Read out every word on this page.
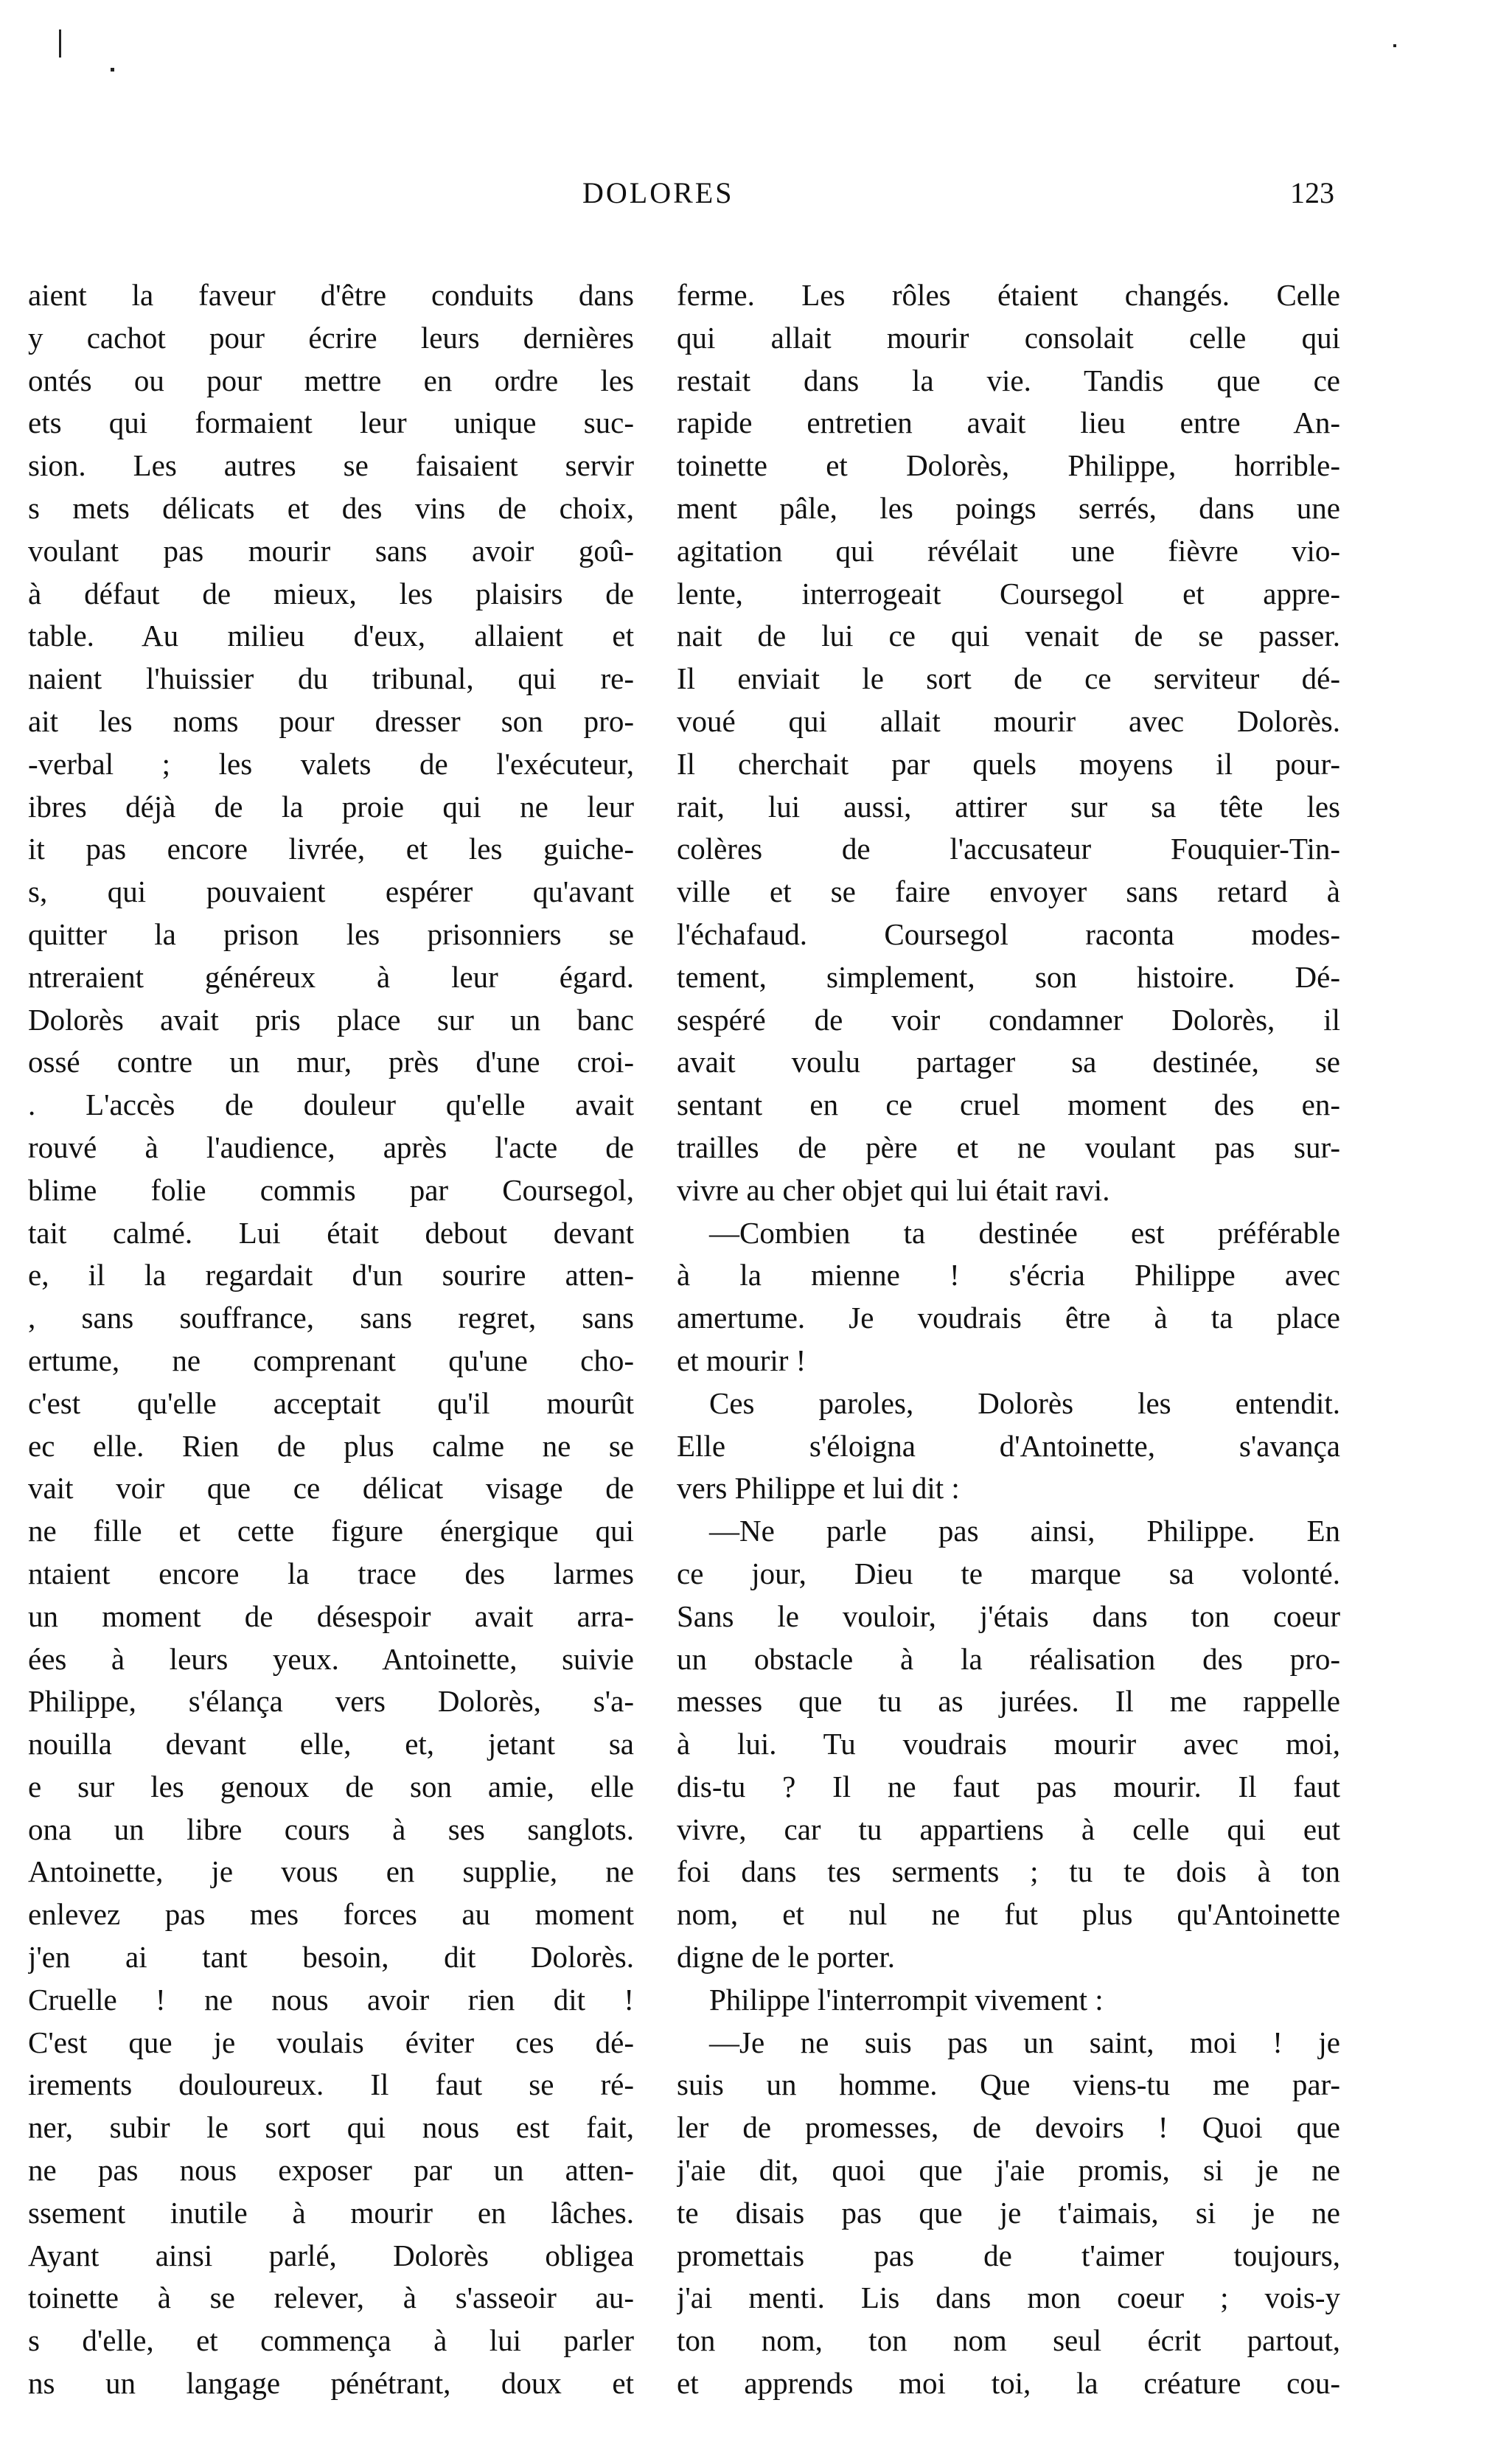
DOLORES	123
aient la faveur d'être conduits dans
y cachot pour écrire leurs dernières
ontés ou pour mettre en ordre les
ets qui formaient leur unique suc-
sion. Les autres se faisaient servir
s mets délicats et des vins de choix,
voulant pas mourir sans avoir goû-
à défaut de mieux, les plaisirs de
table. Au milieu d'eux, allaient et
naient l'huissier du tribunal, qui re-
ait les noms pour dresser son pro-
-verbal ; les valets de l'exécuteur,
ibres déjà de la proie qui ne leur
it pas encore livrée, et les guiche-
s, qui pouvaient espérer qu'avant
quitter la prison les prisonniers se
ntreraient généreux à leur égard.
Dolorès avait pris place sur un banc
ossé contre un mur, près d'une croi-
. L'accès de douleur qu'elle avait
rouvé à l'audience, après l'acte de
blime folie commis par Coursegol,
tait calmé. Lui était debout devant
e, il la regardait d'un sourire atten-
, sans souffrance, sans regret, sans
ertume, ne comprenant qu'une cho-
c'est qu'elle acceptait qu'il mourût
ec elle. Rien de plus calme ne se
vait voir que ce délicat visage de
ne fille et cette figure énergique qui
ntaient encore la trace des larmes
un moment de désespoir avait arra-
ées à leurs yeux. Antoinette, suivie
Philippe, s'élança vers Dolorès, s'a-
nouilla devant elle, et, jetant sa
e sur les genoux de son amie, elle
ona un libre cours à ses sanglots.
Antoinette, je vous en supplie, ne
enlevez pas mes forces au moment
j'en ai tant besoin, dit Dolorès.
Cruelle ! ne nous avoir rien dit !
C'est que je voulais éviter ces dé-
irements douloureux. Il faut se ré-
ner, subir le sort qui nous est fait,
ne pas nous exposer par un atten-
ssement inutile à mourir en lâches.
Ayant ainsi parlé, Dolorès obligea
toinette à se relever, à s'asseoir au-
s d'elle, et commença à lui parler
ns un langage pénétrant, doux et
ferme. Les rôles étaient changés. Celle
qui allait mourir consolait celle qui
restait dans la vie. Tandis que ce
rapide entretien avait lieu entre An-
toinette et Dolorès, Philippe, horrible-
ment pâle, les poings serrés, dans une
agitation qui révélait une fièvre vio-
lente, interrogeait Coursegol et appre-
nait de lui ce qui venait de se passer.
Il enviait le sort de ce serviteur dé-
voué qui allait mourir avec Dolorès.
Il cherchait par quels moyens il pour-
rait, lui aussi, attirer sur sa tête les
colères de l'accusateur Fouquier-Tin-
ville et se faire envoyer sans retard à
l'échafaud. Coursegol raconta modes-
tement, simplement, son histoire. Dé-
sespéré de voir condamner Dolorès, il
avait voulu partager sa destinée, se
sentant en ce cruel moment des en-
trailles de père et ne voulant pas sur-
vivre au cher objet qui lui était ravi.
—Combien ta destinée est préférable
à la mienne ! s'écria Philippe avec
amertume. Je voudrais être à ta place
et mourir !
Ces paroles, Dolorès les entendit.
Elle s'éloigna d'Antoinette, s'avança
vers Philippe et lui dit :
—Ne parle pas ainsi, Philippe. En
ce jour, Dieu te marque sa volonté.
Sans le vouloir, j'étais dans ton coeur
un obstacle à la réalisation des pro-
messes que tu as jurées. Il me rappelle
à lui. Tu voudrais mourir avec moi,
dis-tu ? Il ne faut pas mourir. Il faut
vivre, car tu appartiens à celle qui eut
foi dans tes serments ; tu te dois à ton
nom, et nul ne fut plus qu'Antoinette
digne de le porter.
Philippe l'interrompit vivement :
—Je ne suis pas un saint, moi ! je
suis un homme. Que viens-tu me par-
ler de promesses, de devoirs ! Quoi que
j'aie dit, quoi que j'aie promis, si je ne
te disais pas que je t'aimais, si je ne
promettais pas de t'aimer toujours,
j'ai menti. Lis dans mon coeur ; vois-y
ton nom, ton nom seul écrit partout,
et apprends moi toi, la créature cou-
